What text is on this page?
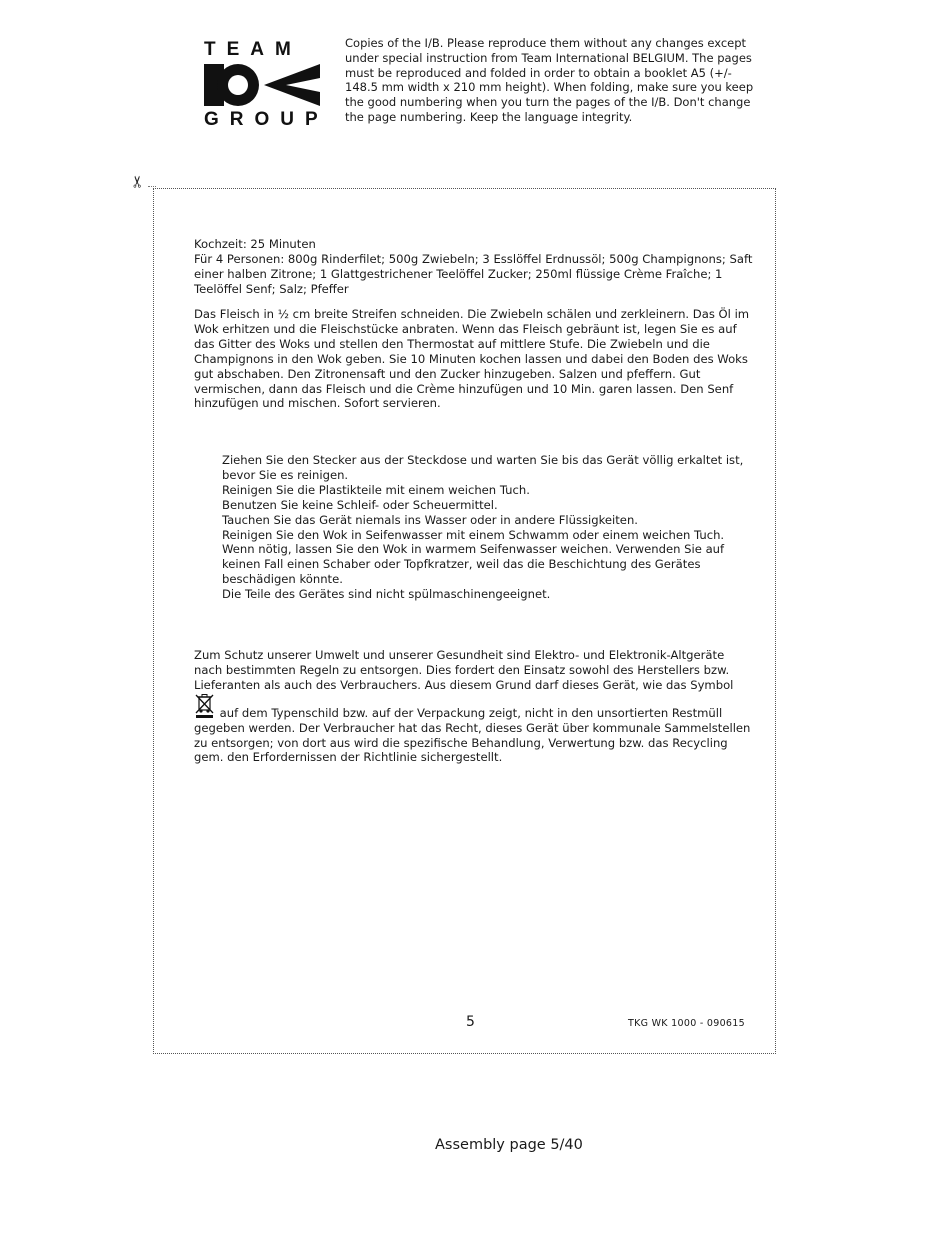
TEAM
GROUP
Copies of the I/B. Please reproduce them without any changes except under special instruction from Team International BELGIUM. The pages must be reproduced and folded in order to obtain a booklet A5 (+/- 148.5 mm width x 210 mm height). When folding, make sure you keep the good numbering when you turn the pages of the I/B. Don't change the page numbering. Keep the language integrity.
✂

Kochzeit: 25 Minuten

Für 4 Personen: 800g Rinderfilet; 500g Zwiebeln; 3 Esslöffel Erdnussöl; 500g Champignons; Saft einer halben Zitrone; 1 Glattgestrichener Teelöffel Zucker; 250ml flüssige Crème Fraîche; 1 Teelöffel Senf; Salz; Pfeffer

Das Fleisch in ½ cm breite Streifen schneiden. Die Zwiebeln schälen und zerkleinern. Das Öl im Wok erhitzen und die Fleischstücke anbraten. Wenn das Fleisch gebräunt ist, legen Sie es auf das Gitter des Woks und stellen den Thermostat auf mittlere Stufe. Die Zwiebeln und die Champignons in den Wok geben. Sie 10 Minuten kochen lassen und dabei den Boden des Woks gut abschaben. Den Zitronensaft und den Zucker hinzugeben. Salzen und pfeffern. Gut vermischen, dann das Fleisch und die Crème hinzufügen und 10 Min. garen lassen. Den Senf hinzufügen und mischen. Sofort servieren.
Ziehen Sie den Stecker aus der Steckdose und warten Sie bis das Gerät völlig erkaltet ist, bevor Sie es reinigen.
Reinigen Sie die Plastikteile mit einem weichen Tuch.
Benutzen Sie keine Schleif- oder Scheuermittel.
Tauchen Sie das Gerät niemals ins Wasser oder in andere Flüssigkeiten.
Reinigen Sie den Wok in Seifenwasser mit einem Schwamm oder einem weichen Tuch.
Wenn nötig, lassen Sie den Wok in warmem Seifenwasser weichen. Verwenden Sie auf keinen Fall einen Schaber oder Topfkratzer, weil das die Beschichtung des Gerätes beschädigen könnte.
Die Teile des Gerätes sind nicht spülmaschinengeeignet.

Zum Schutz unserer Umwelt und unserer Gesundheit sind Elektro- und Elektronik-Altgeräte nach bestimmten Regeln zu entsorgen. Dies fordert den Einsatz sowohl des Herstellers bzw. Lieferanten als auch des Verbrauchers. Aus diesem Grund darf dieses Gerät, wie das Symbol
auf dem Typenschild bzw. auf der Verpackung zeigt, nicht in den unsortierten Restmüll gegeben werden. Der Verbraucher hat das Recht, dieses Gerät über kommunale Sammelstellen zu entsorgen; von dort aus wird die spezifische Behandlung, Verwertung bzw. das Recycling gem. den Erfordernissen der Richtlinie sichergestellt.

5	TKG WK 1000 - 090615
Assembly page 5/40
